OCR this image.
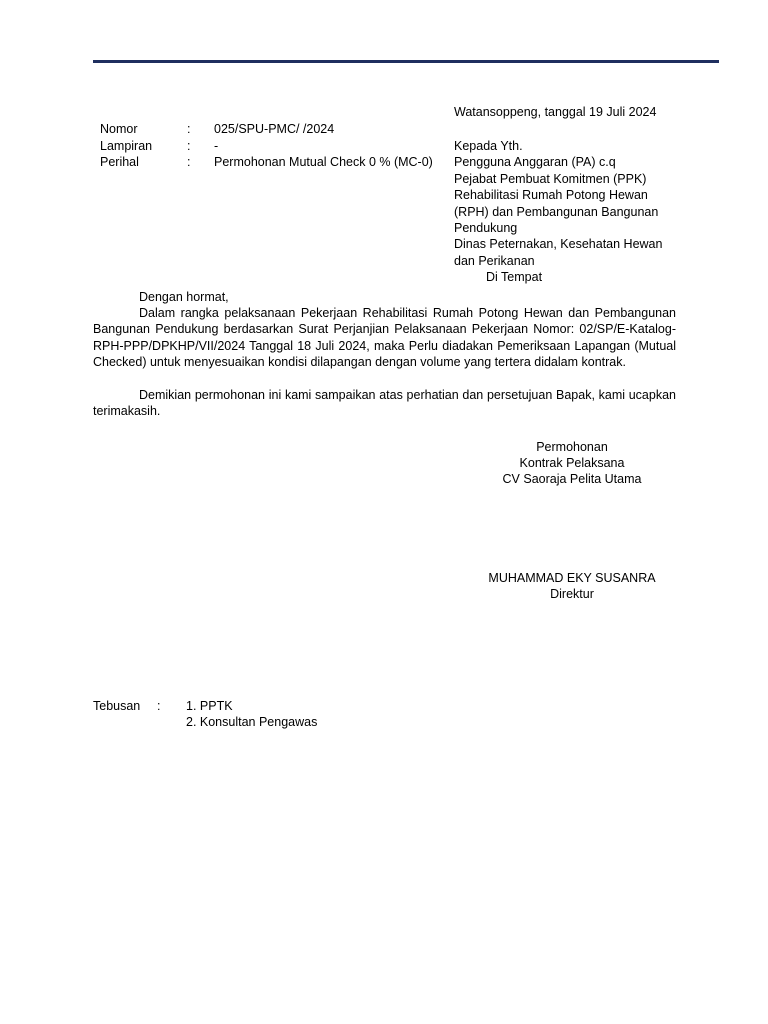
Watansoppeng, tanggal 19 Juli 2024
Nomor	: 025/SPU-PMC/ /2024
Lampiran	: -
Perihal	: Permohonan Mutual Check 0 % (MC-0)
Kepada Yth.
Pengguna Anggaran (PA) c.q
Pejabat Pembuat Komitmen (PPK) Rehabilitasi Rumah Potong Hewan (RPH) dan Pembangunan Bangunan Pendukung
Dinas Peternakan, Kesehatan Hewan dan Perikanan
Di Tempat
Dengan hormat,
Dalam rangka pelaksanaan Pekerjaan Rehabilitasi Rumah Potong Hewan dan Pembangunan Bangunan Pendukung berdasarkan Surat Perjanjian Pelaksanaan Pekerjaan Nomor: 02/SP/E-Katalog-RPH-PPP/DPKHP/VII/2024 Tanggal 18 Juli 2024, maka Perlu diadakan Pemeriksaan Lapangan (Mutual Checked) untuk menyesuaikan kondisi dilapangan dengan volume yang tertera didalam kontrak.
Demikian permohonan ini kami sampaikan atas perhatian dan persetujuan Bapak, kami ucapkan terimakasih.
Permohonan
Kontrak Pelaksana
CV Saoraja Pelita Utama
MUHAMMAD EKY SUSANRA
Direktur
Tebusan : 1. PPTK
2. Konsultan Pengawas
